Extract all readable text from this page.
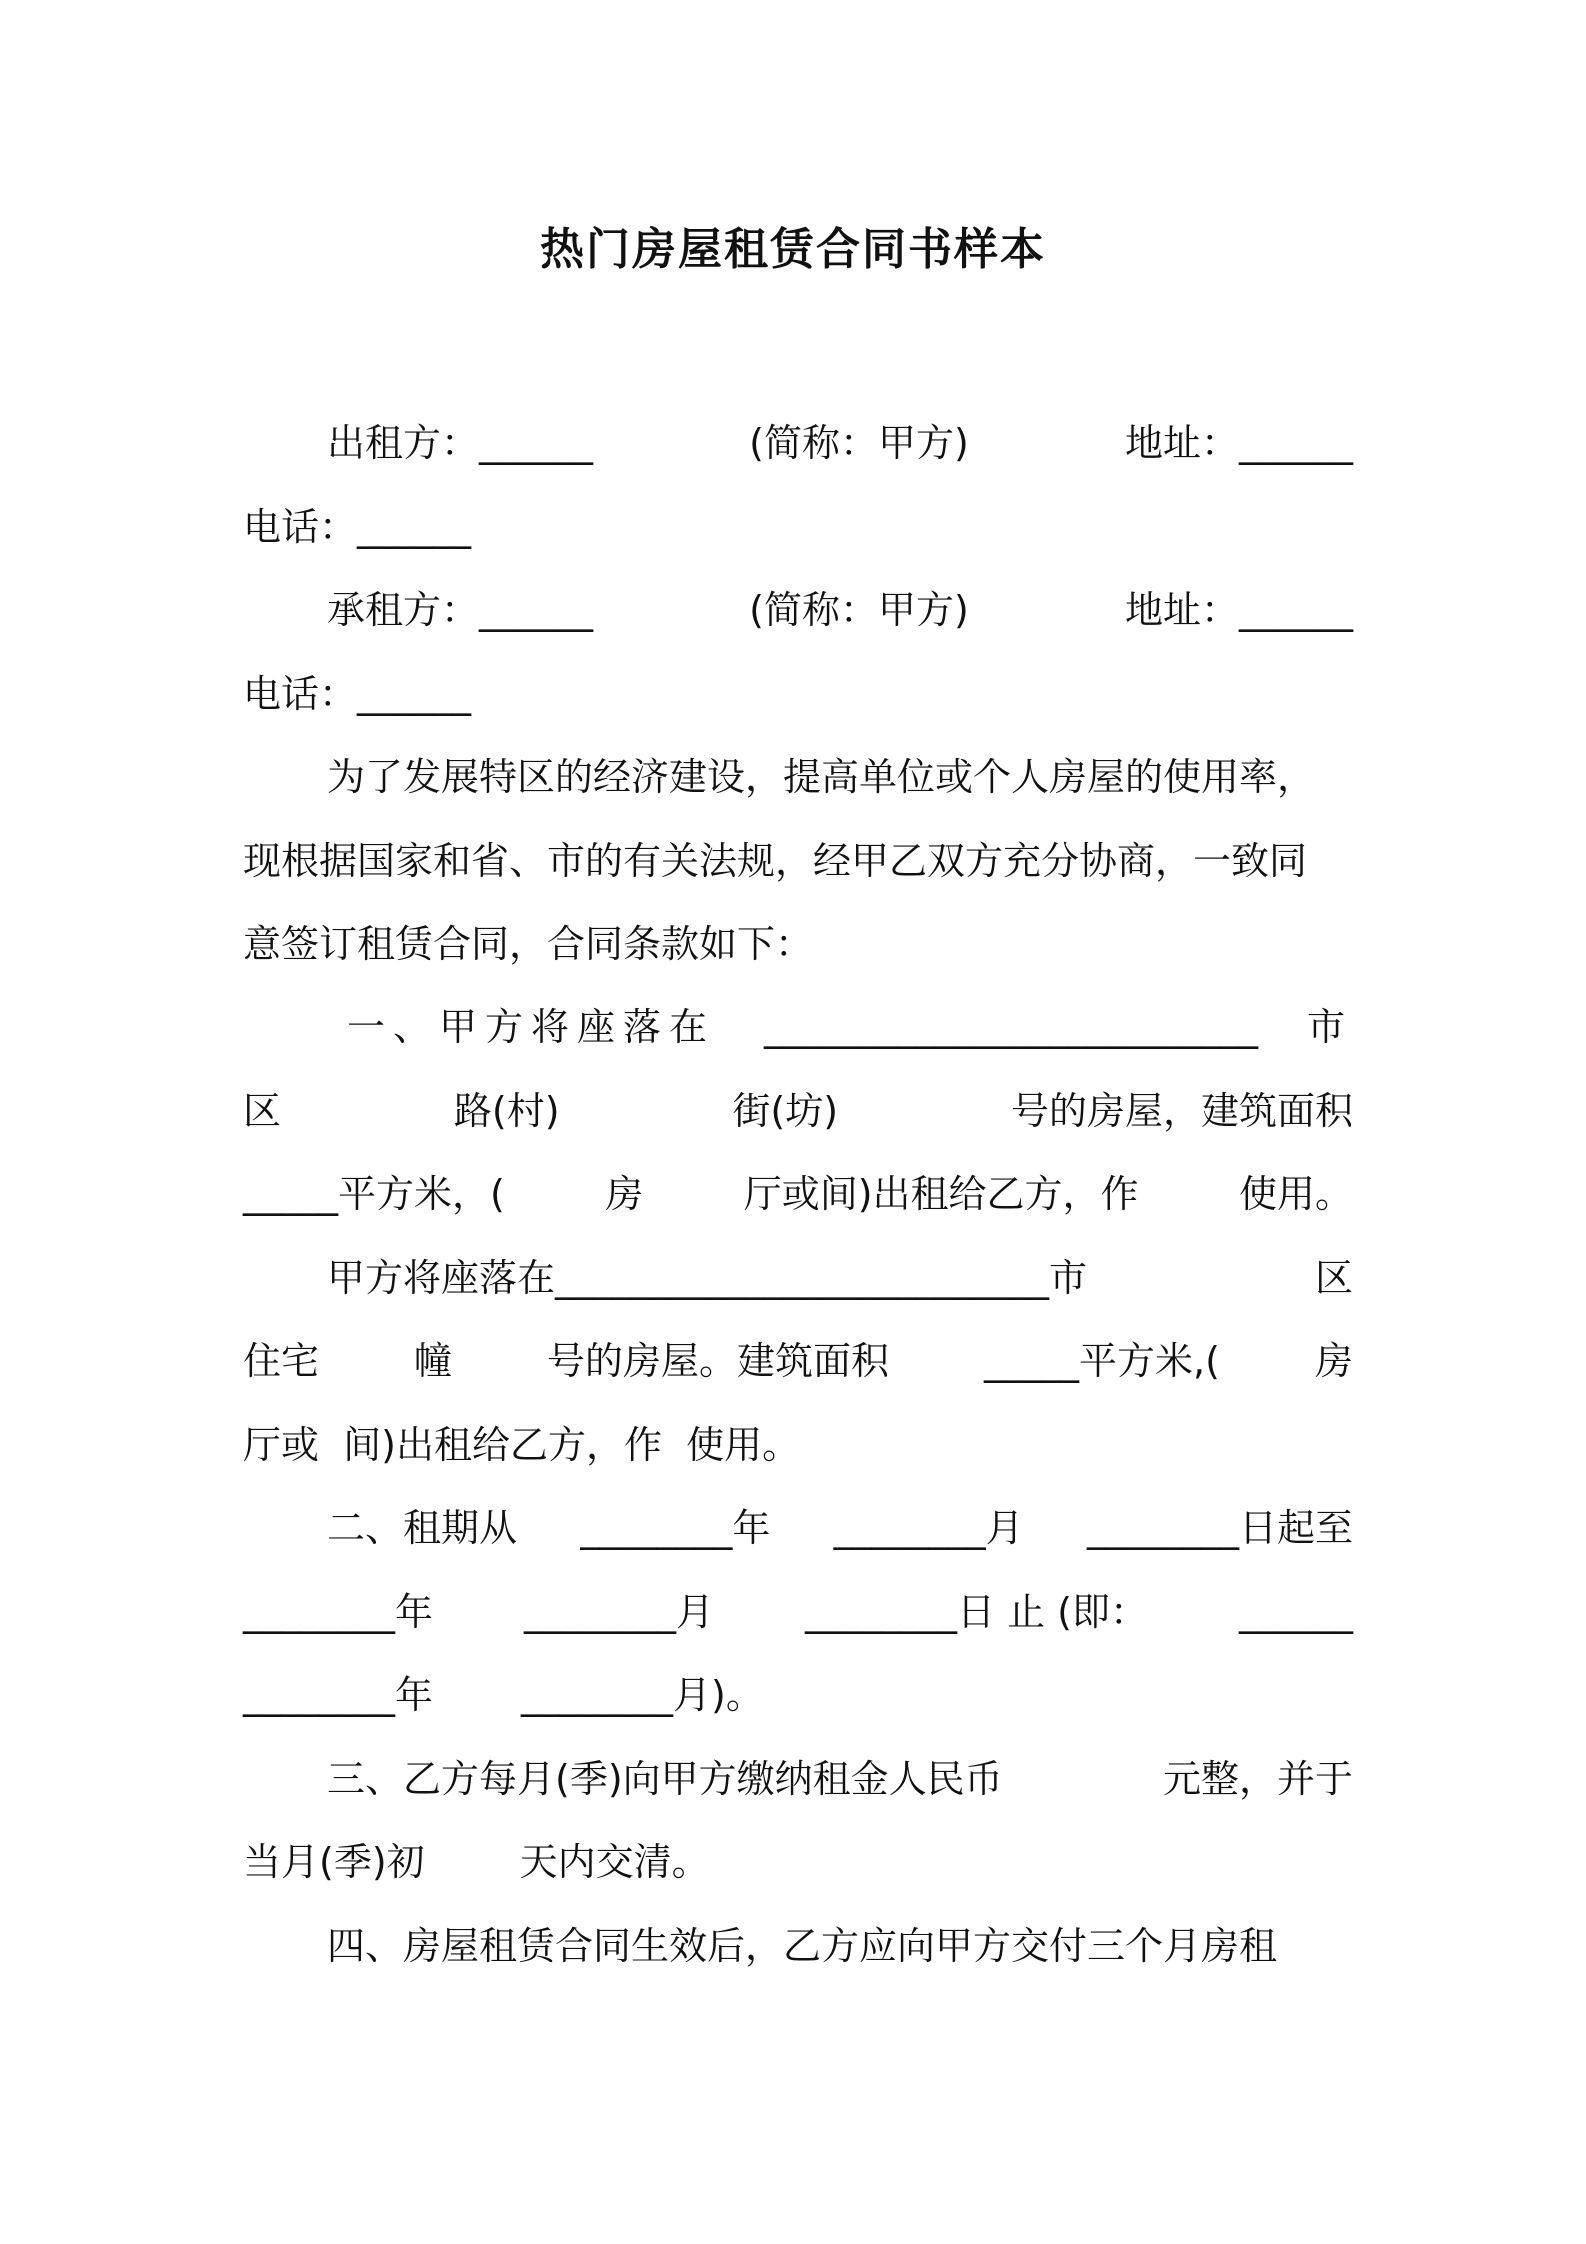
热门房屋租赁合同书样本
出租方：______	(简称：甲方)	地址：______
电话：______
承租方：______	(简称：甲方)	地址：______
电话：______
为了发展特区的经济建设，提高单位或个人房屋的使用率，
现根据国家和省、市的有关法规，经甲乙双方充分协商，一致同
意签订租赁合同，合同条款如下：
一、甲方将座落在 __________________________ 市
区	路(村)	街(坊)	号的房屋，建筑面积
_____平方米，(	房	厅或间)出租给乙方，作	使用。
甲方将座落在__________________________市	区
住宅	幢	号的房屋。建筑面积	_____平方米,(	房
厅或  间)出租给乙方，作  使用。
二、租期从 ________年 ________月 ________日起至
________年 ________月 ________日 止 (即： ______
________年 ________月)。
三、乙方每月(季)向甲方缴纳租金人民币	元整，并于
当月(季)初	天内交清。
四、房屋租赁合同生效后，乙方应向甲方交付三个月房租
